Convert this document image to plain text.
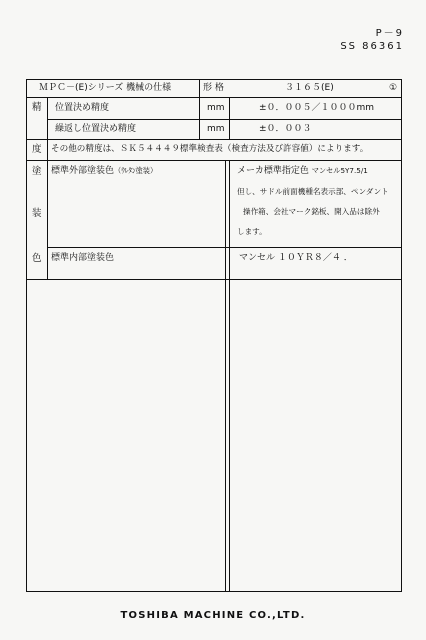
P－9
SS 86361
ＭＰＣ－(E)シリーズ 機械の仕様	形 格	３１６５(E)	①
精
度
位置決め精度	mm	±０．００５／１０００mm
繰返し位置決め精度	mm	±０．００３
その他の精度は、ＳＫ５４４４９標準検査表（検査方法及び許容値）によります。
塗
装
色
標準外部塗装色（ｳﾚﾀﾝ塗装）	メーカ標準指定色 マンセル5Y7.5/1
但し、サドル前面機種名表示部、ペンダント
操作箱、会社マーク銘板、開入品は除外
します。
標準内部塗装色	マンセル １０ＹＲ８／４ ．
TOSHIBA MACHINE CO.,LTD.
